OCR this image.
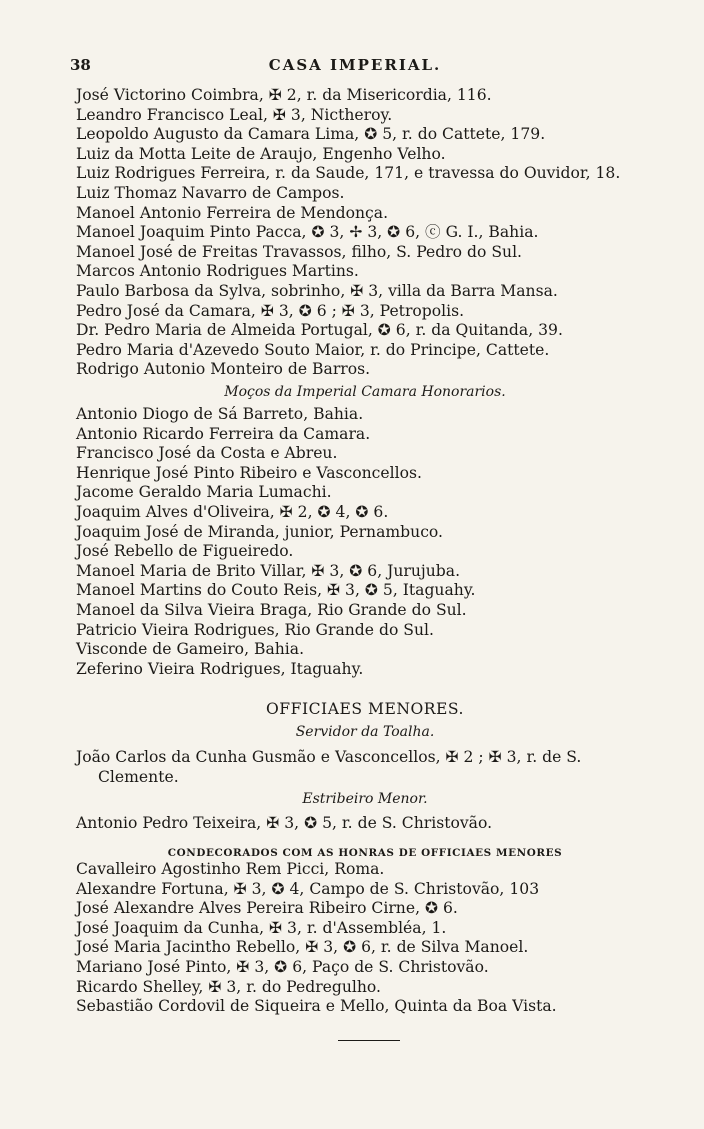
38	CASA IMPERIAL.
José Victorino Coimbra, ✠ 2, r. da Misericordia, 116.
Leandro Francisco Leal, ✠ 3, Nictheroy.
Leopoldo Augusto da Camara Lima, ✪ 5, r. do Cattete, 179.
Luiz da Motta Leite de Araujo, Engenho Velho.
Luiz Rodrigues Ferreira, r. da Saude, 171, e travessa do Ouvidor, 18.
Luiz Thomaz Navarro de Campos.
Manoel Antonio Ferreira de Mendonça.
Manoel Joaquim Pinto Pacca, ✪ 3, ✢ 3, ✪ 6, ⓒ G. I., Bahia.
Manoel José de Freitas Travassos, filho, S. Pedro do Sul.
Marcos Antonio Rodrigues Martins.
Paulo Barbosa da Sylva, sobrinho, ✠ 3, villa da Barra Mansa.
Pedro José da Camara, ✠ 3, ✪ 6 ; ✠ 3, Petropolis.
Dr. Pedro Maria de Almeida Portugal, ✪ 6, r. da Quitanda, 39.
Pedro Maria d'Azevedo Souto Maior, r. do Principe, Cattete.
Rodrigo Autonio Monteiro de Barros.
Moços da Imperial Camara Honorarios.
Antonio Diogo de Sá Barreto, Bahia.
Antonio Ricardo Ferreira da Camara.
Francisco José da Costa e Abreu.
Henrique José Pinto Ribeiro e Vasconcellos.
Jacome Geraldo Maria Lumachi.
Joaquim Alves d'Oliveira, ✠ 2, ✪ 4, ✪ 6.
Joaquim José de Miranda, junior, Pernambuco.
José Rebello de Figueiredo.
Manoel Maria de Brito Villar, ✠ 3, ✪ 6, Jurujuba.
Manoel Martins do Couto Reis, ✠ 3, ✪ 5, Itaguahy.
Manoel da Silva Vieira Braga, Rio Grande do Sul.
Patricio Vieira Rodrigues, Rio Grande do Sul.
Visconde de Gameiro, Bahia.
Zeferino Vieira Rodrigues, Itaguahy.
OFFICIAES MENORES.
Servidor da Toalha.
João Carlos da Cunha Gusmão e Vasconcellos, ✠ 2 ; ✠ 3, r. de S.
Clemente.
Estribeiro Menor.
Antonio Pedro Teixeira, ✠ 3, ✪ 5, r. de S. Christovão.
CONDECORADOS COM AS HONRAS DE OFFICIAES MENORES
Cavalleiro Agostinho Rem Picci, Roma.
Alexandre Fortuna, ✠ 3, ✪ 4, Campo de S. Christovão, 103
José Alexandre Alves Pereira Ribeiro Cirne, ✪ 6.
José Joaquim da Cunha, ✠ 3, r. d'Assembléa, 1.
José Maria Jacintho Rebello, ✠ 3, ✪ 6, r. de Silva Manoel.
Mariano José Pinto, ✠ 3, ✪ 6, Paço de S. Christovão.
Ricardo Shelley, ✠ 3, r. do Pedregulho.
Sebastião Cordovil de Siqueira e Mello, Quinta da Boa Vista.
